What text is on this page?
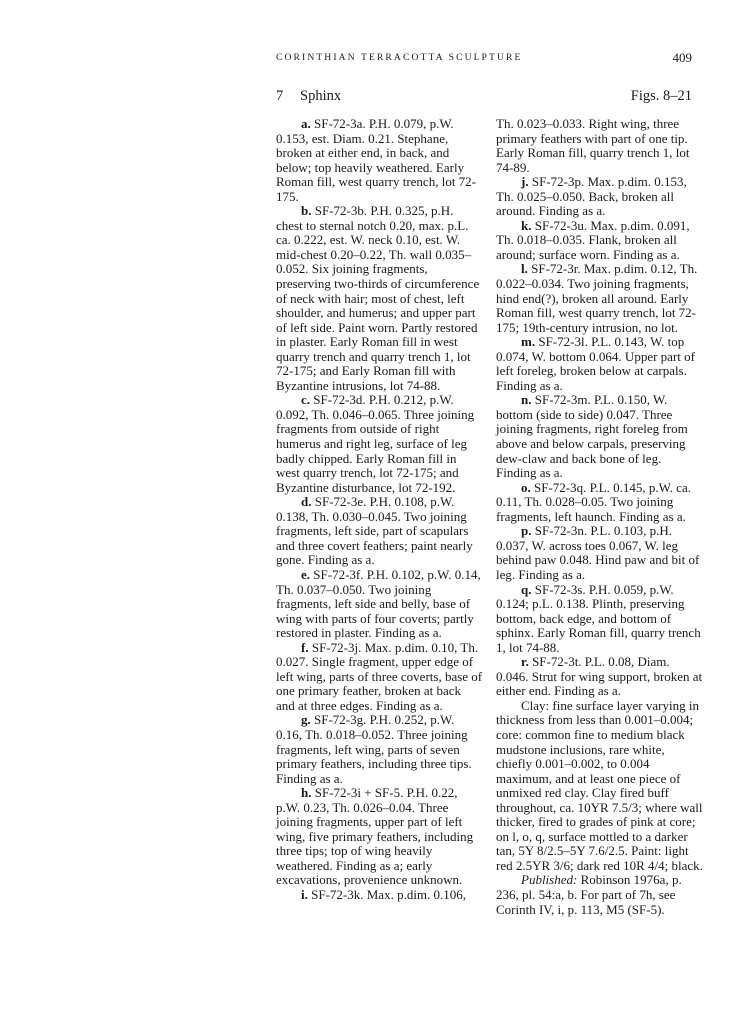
CORINTHIAN TERRACOTTA SCULPTURE	409
7 Sphinx	Figs. 8–21

a. SF-72-3a. P.H. 0.079, p.W. 0.153, est. Diam. 0.21. Stephane, broken at either end, in back, and below; top heavily weathered. Early Roman fill, west quarry trench, lot 72-175.

b. SF-72-3b. P.H. 0.325, p.H. chest to sternal notch 0.20, max. p.L. ca. 0.222, est. W. neck 0.10, est. W. mid-chest 0.20–0.22, Th. wall 0.035–0.052. Six joining fragments, preserving two-thirds of circumference of neck with hair; most of chest, left shoulder, and humerus; and upper part of left side. Paint worn. Partly restored in plaster. Early Roman fill in west quarry trench and quarry trench 1, lot 72-175; and Early Roman fill with Byzantine intrusions, lot 74-88.

c. SF-72-3d. P.H. 0.212, p.W. 0.092, Th. 0.046–0.065. Three joining fragments from outside of right humerus and right leg, surface of leg badly chipped. Early Roman fill in west quarry trench, lot 72-175; and Byzantine disturbance, lot 72-192.

d. SF-72-3e. P.H. 0.108, p.W. 0.138, Th. 0.030–0.045. Two joining fragments, left side, part of scapulars and three covert feathers; paint nearly gone. Finding as a.

e. SF-72-3f. P.H. 0.102, p.W. 0.14, Th. 0.037–0.050. Two joining fragments, left side and belly, base of wing with parts of four coverts; partly restored in plaster. Finding as a.

f. SF-72-3j. Max. p.dim. 0.10, Th. 0.027. Single fragment, upper edge of left wing, parts of three coverts, base of one primary feather, broken at back and at three edges. Finding as a.

g. SF-72-3g. P.H. 0.252, p.W. 0.16, Th. 0.018–0.052. Three joining fragments, left wing, parts of seven primary feathers, including three tips. Finding as a.

h. SF-72-3i + SF-5. P.H. 0.22, p.W. 0.23, Th. 0.026–0.04. Three joining fragments, upper part of left wing, five primary feathers, including three tips; top of wing heavily weathered. Finding as a; early excavations, provenience unknown.

i. SF-72-3k. Max. p.dim. 0.106,

Th. 0.023–0.033. Right wing, three primary feathers with part of one tip. Early Roman fill, quarry trench 1, lot 74-89.

j. SF-72-3p. Max. p.dim. 0.153, Th. 0.025–0.050. Back, broken all around. Finding as a.

k. SF-72-3u. Max. p.dim. 0.091, Th. 0.018–0.035. Flank, broken all around; surface worn. Finding as a.

l. SF-72-3r. Max. p.dim. 0.12, Th. 0.022–0.034. Two joining fragments, hind end(?), broken all around. Early Roman fill, west quarry trench, lot 72-175; 19th-century intrusion, no lot.

m. SF-72-3l. P.L. 0.143, W. top 0.074, W. bottom 0.064. Upper part of left foreleg, broken below at carpals. Finding as a.

n. SF-72-3m. P.L. 0.150, W. bottom (side to side) 0.047. Three joining fragments, right foreleg from above and below carpals, preserving dew-claw and back bone of leg. Finding as a.

o. SF-72-3q. P.L. 0.145, p.W. ca. 0.11, Th. 0.028–0.05. Two joining fragments, left haunch. Finding as a.

p. SF-72-3n. P.L. 0.103, p.H. 0.037, W. across toes 0.067, W. leg behind paw 0.048. Hind paw and bit of leg. Finding as a.

q. SF-72-3s. P.H. 0.059, p.W. 0.124; p.L. 0.138. Plinth, preserving bottom, back edge, and bottom of sphinx. Early Roman fill, quarry trench 1, lot 74-88.

r. SF-72-3t. P.L. 0.08, Diam. 0.046. Strut for wing support, broken at either end. Finding as a.

Clay: fine surface layer varying in thickness from less than 0.001–0.004; core: common fine to medium black mudstone inclusions, rare white, chiefly 0.001–0.002, to 0.004 maximum, and at least one piece of unmixed red clay. Clay fired buff throughout, ca. 10YR 7.5/3; where wall thicker, fired to grades of pink at core; on l, o, q, surface mottled to a darker tan, 5Y 8/2.5–5Y 7.6/2.5. Paint: light red 2.5YR 3/6; dark red 10R 4/4; black.

Published: Robinson 1976a, p. 236, pl. 54:a, b. For part of 7h, see Corinth IV, i, p. 113, M5 (SF-5).
